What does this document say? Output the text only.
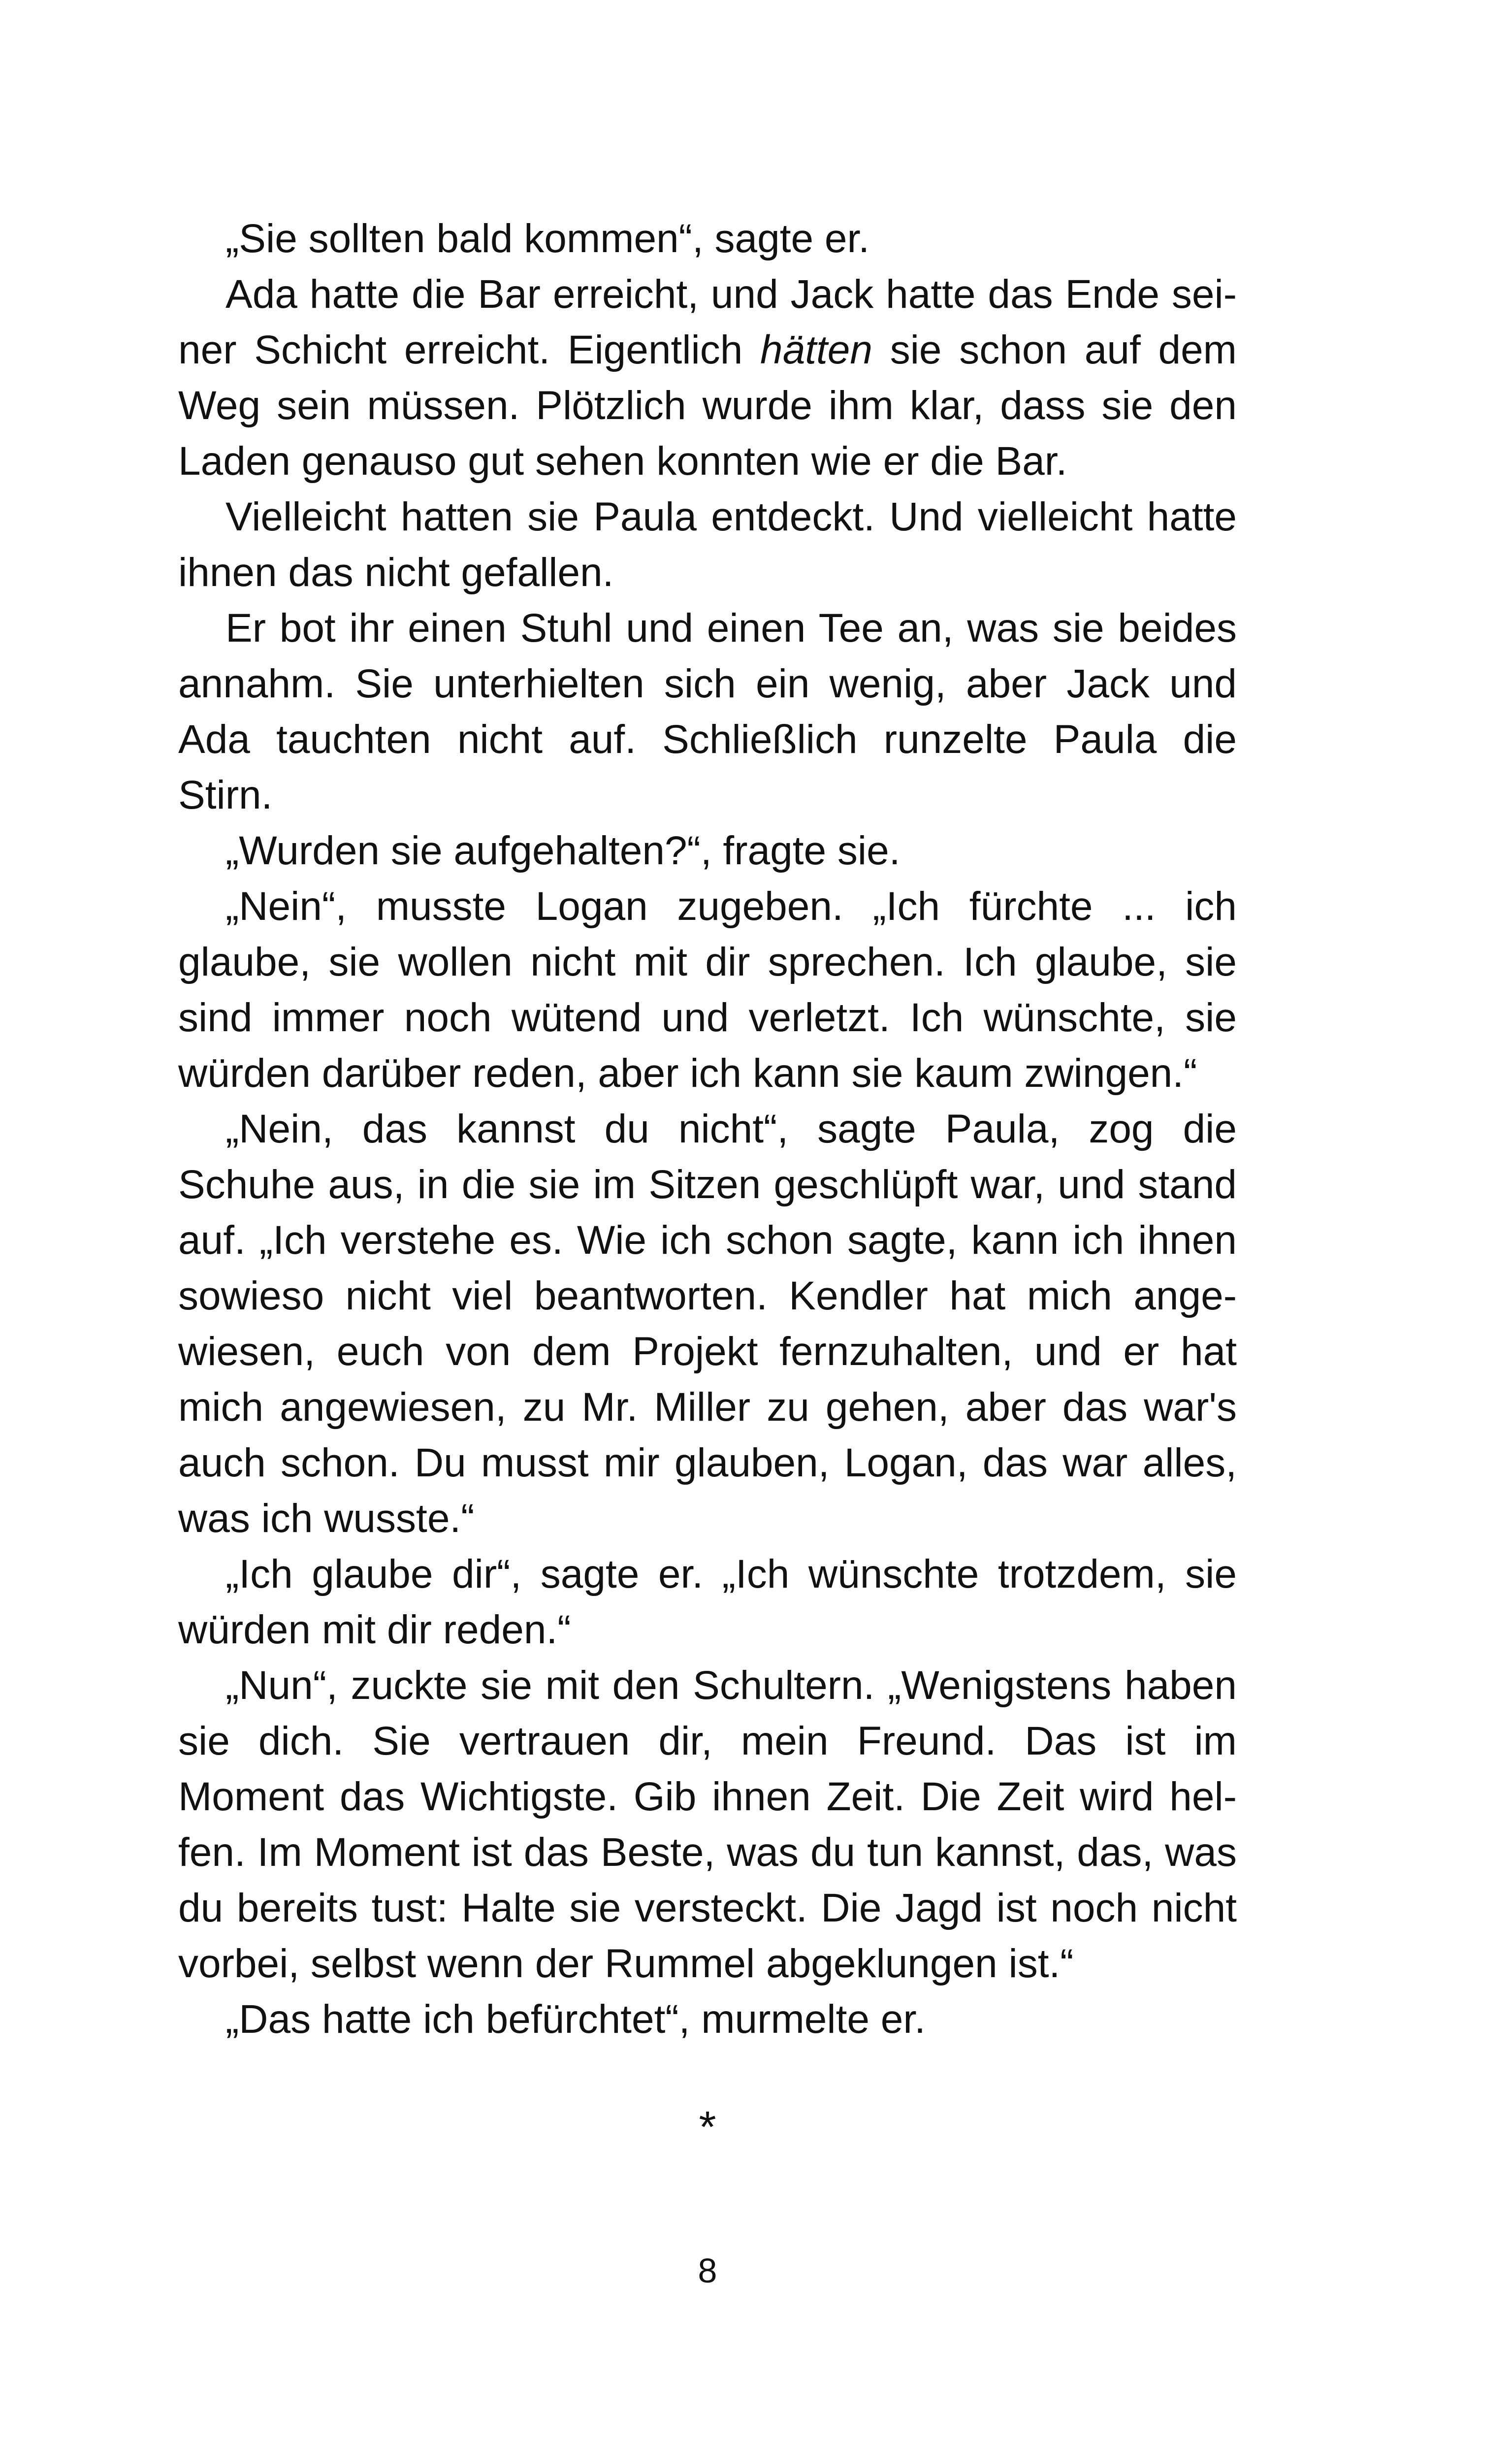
„Sie sollten bald kommen“, sagte er.

Ada hatte die Bar erreicht, und Jack hatte das Ende seiner Schicht erreicht. Eigentlich hätten sie schon auf dem Weg sein müssen. Plötzlich wurde ihm klar, dass sie den Laden genauso gut sehen konnten wie er die Bar.

Vielleicht hatten sie Paula entdeckt. Und vielleicht hatte ihnen das nicht gefallen.

Er bot ihr einen Stuhl und einen Tee an, was sie beides annahm. Sie unterhielten sich ein wenig, aber Jack und Ada tauchten nicht auf. Schließlich runzelte Paula die Stirn.

„Wurden sie aufgehalten?“, fragte sie.

„Nein“, musste Logan zugeben. „Ich fürchte ... ich glaube, sie wollen nicht mit dir sprechen. Ich glaube, sie sind immer noch wütend und verletzt. Ich wünschte, sie würden darüber reden, aber ich kann sie kaum zwingen.“

„Nein, das kannst du nicht“, sagte Paula, zog die Schuhe aus, in die sie im Sitzen geschlüpft war, und stand auf. „Ich verstehe es. Wie ich schon sagte, kann ich ihnen sowieso nicht viel beantworten. Kendler hat mich angewiesen, euch von dem Projekt fernzuhalten, und er hat mich angewiesen, zu Mr. Miller zu gehen, aber das war's auch schon. Du musst mir glauben, Logan, das war alles, was ich wusste.“

„Ich glaube dir“, sagte er. „Ich wünschte trotzdem, sie würden mit dir reden.“

„Nun“, zuckte sie mit den Schultern. „Wenigstens haben sie dich. Sie vertrauen dir, mein Freund. Das ist im Moment das Wichtigste. Gib ihnen Zeit. Die Zeit wird helfen. Im Moment ist das Beste, was du tun kannst, das, was du bereits tust: Halte sie versteckt. Die Jagd ist noch nicht vorbei, selbst wenn der Rummel abgeklungen ist.“

„Das hatte ich befürchtet“, murmelte er.

*
8
